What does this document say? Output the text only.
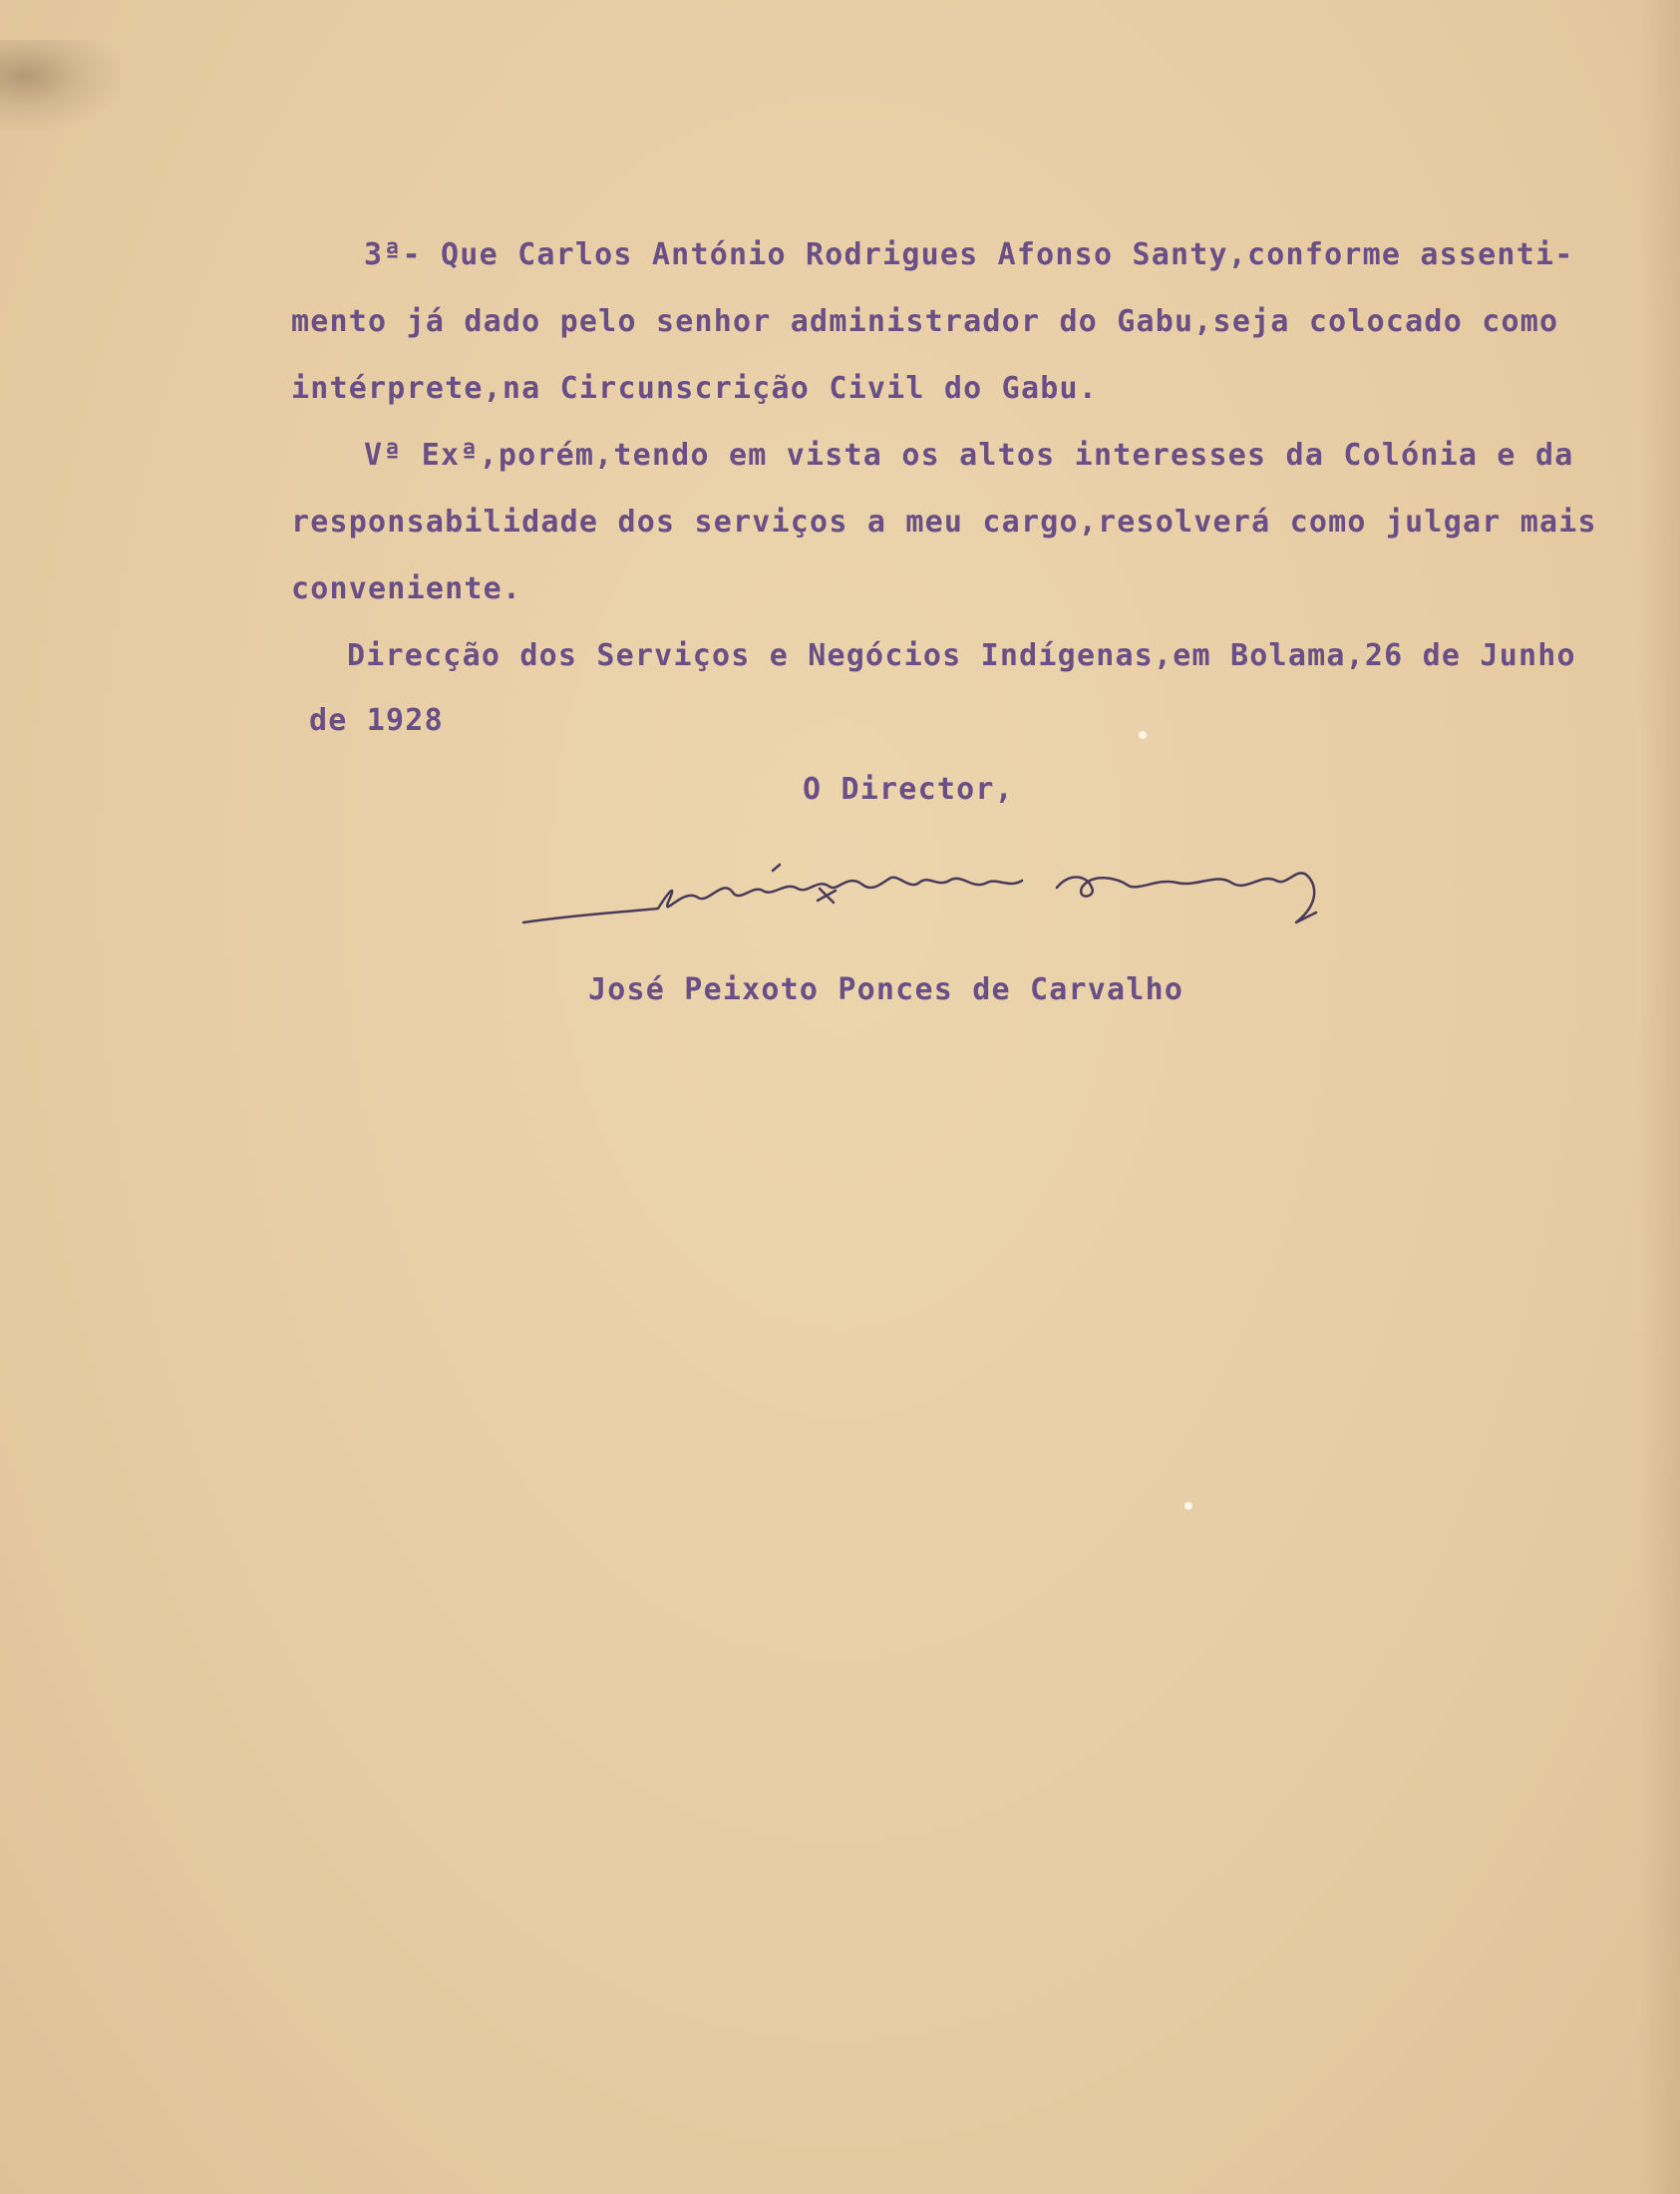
3ª- Que Carlos António Rodrigues Afonso Santy,conforme assenti-

mento já dado pelo senhor administrador do Gabu,seja colocado como

intérprete,na Circunscrição Civil do Gabu.

Vª Exª,porém,tendo em vista os altos interesses da Colónia e da

responsabilidade dos serviços a meu cargo,resolverá como julgar mais

conveniente.

Direcção dos Serviços e Negócios Indígenas,em Bolama,26 de Junho

de 1928

O Director,

José Peixoto Ponces de Carvalho

José Peixoto Ponces de Carvalho
